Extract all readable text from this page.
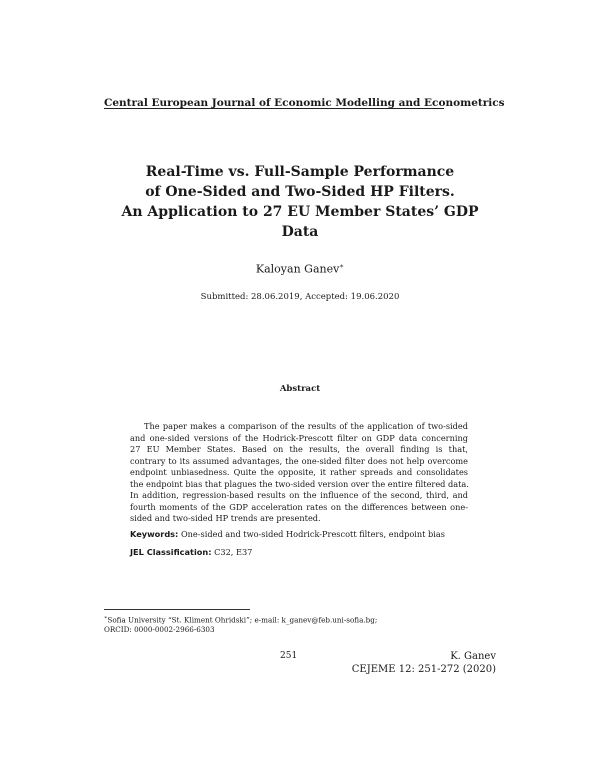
Central European Journal of Economic Modelling and Econometrics
Real-Time vs. Full-Sample Performance
of One-Sided and Two-Sided HP Filters.
An Application to 27 EU Member States’ GDP
Data
Kaloyan Ganev∗
Submitted: 28.06.2019, Accepted: 19.06.2020
Abstract
The paper makes a comparison of the results of the application of two-sided
and one-sided versions of the Hodrick-Prescott filter on GDP data concerning
27 EU Member States. Based on the results, the overall finding is that,
contrary to its assumed advantages, the one-sided filter does not help overcome
endpoint unbiasedness. Quite the opposite, it rather spreads and consolidates
the endpoint bias that plagues the two-sided version over the entire filtered data.
In addition, regression-based results on the influence of the second, third, and
fourth moments of the GDP acceleration rates on the differences between one-
sided and two-sided HP trends are presented.
Keywords: One-sided and two-sided Hodrick-Prescott filters, endpoint bias
JEL Classification: C32, E37
∗Sofia University “St. Kliment Ohridski”; e-mail: k_ganev@feb.uni-sofia.bg;
ORCID: 0000-0002-2966-6303
251	K. Ganev
CEJEME 12: 251-272 (2020)
